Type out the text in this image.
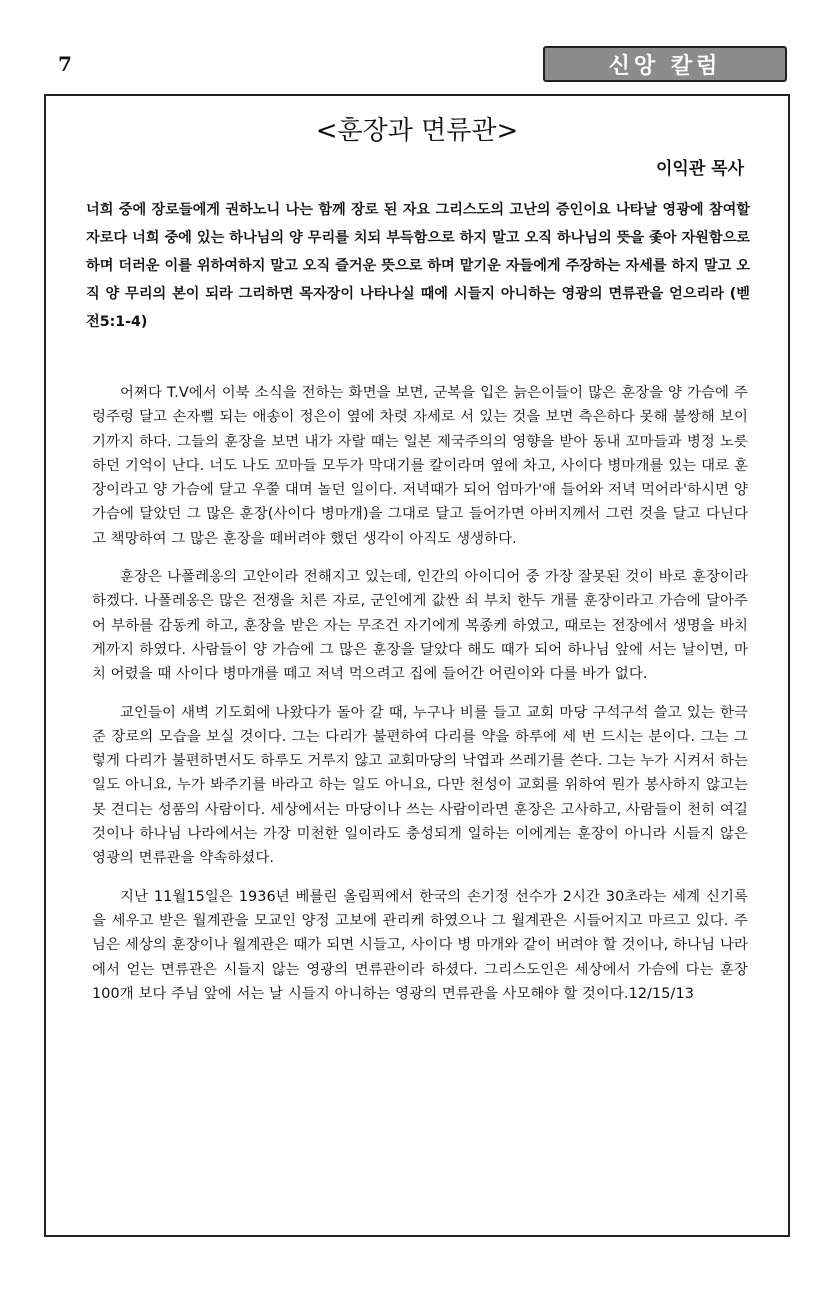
7	신앙 칼럼
<훈장과 면류관>
이익관 목사
너희 중에 장로들에게 권하노니 나는 함께 장로 된 자요 그리스도의 고난의 증인이요 나타날 영광에 참여할 자로다 너희 중에 있는 하나님의 양 무리를 치되 부득함으로 하지 말고 오직 하나님의 뜻을 좇아 자원함으로 하며 더러운 이를 위하여하지 말고 오직 즐거운 뜻으로 하며 맡기운 자들에게 주장하는 자세를 하지 말고 오직 양 무리의 본이 되라 그리하면 목자장이 나타나실 때에 시들지 아니하는 영광의 면류관을 얻으리라 (벧전5:1-4)

어쩌다 T.V에서 이북 소식을 전하는 화면을 보면, 군복을 입은 늙은이들이 많은 훈장을 양 가슴에 주렁주렁 달고 손자뻘 되는 애송이 정은이 옆에 차렷 자세로 서 있는 것을 보면 측은하다 못해 불쌍해 보이기까지 하다. 그들의 훈장을 보면 내가 자랄 때는 일본 제국주의의 영향을 받아 동내 꼬마들과 병정 노릇하던 기억이 난다. 너도 나도 꼬마들 모두가 막대기를 칼이라며 옆에 차고, 사이다 병마개를 있는 대로 훈장이라고 양 가슴에 달고 우쭐 대며 놀던 일이다. 저녁때가 되어 엄마가'애 들어와 저녁 먹어라'하시면 양 가슴에 달았던 그 많은 훈장(사이다 병마개)을 그대로 달고 들어가면 아버지께서 그런 것을 달고 다닌다고 책망하여 그 많은 훈장을 떼버려야 했던 생각이 아직도 생생하다.

훈장은 나폴레옹의 고안이라 전해지고 있는데, 인간의 아이디어 중 가장 잘못된 것이 바로 훈장이라 하겠다. 나폴레옹은 많은 전쟁을 치른 자로, 군인에게 값싼 쇠 부치 한두 개를 훈장이라고 가슴에 달아주어 부하를 감동케 하고, 훈장을 받은 자는 무조건 자기에게 복종케 하였고, 때로는 전장에서 생명을 바치게까지 하였다. 사람들이 양 가슴에 그 많은 훈장을 달았다 해도 때가 되어 하나님 앞에 서는 날이면, 마치 어렸을 때 사이다 병마개를 떼고 저녁 먹으려고 집에 들어간 어린이와 다를 바가 없다.

교인들이 새벽 기도회에 나왔다가 돌아 갈 때, 누구나 비를 들고 교회 마당 구석구석 쓸고 있는 한극준 장로의 모습을 보실 것이다. 그는 다리가 불편하여 다리를 약을 하루에 세 번 드시는 분이다. 그는 그렇게 다리가 불편하면서도 하루도 거루지 않고 교회마당의 낙엽과 쓰레기를 쓴다. 그는 누가 시켜서 하는 일도 아니요, 누가 봐주기를 바라고 하는 일도 아니요, 다만 천성이 교회를 위하여 뭔가 봉사하지 않고는 못 견디는 성품의 사람이다. 세상에서는 마당이나 쓰는 사람이라면 훈장은 고사하고, 사람들이 천히 여길 것이나 하나님 나라에서는 가장 미천한 일이라도 충성되게 일하는 이에게는 훈장이 아니라 시들지 않은 영광의 면류관을 약속하셨다.

지난 11월15일은 1936년 베를린 올림픽에서 한국의 손기정 선수가 2시간 30초라는 세계 신기록을 세우고 받은 월계관을 모교인 양정 고보에 관리케 하였으나 그 월계관은 시들어지고 마르고 있다. 주님은 세상의 훈장이나 월계관은 때가 되면 시들고, 사이다 병 마개와 같이 버려야 할 것이나, 하나님 나라에서 얻는 면류관은 시들지 않는 영광의 면류관이라 하셨다. 그리스도인은 세상에서 가슴에 다는 훈장 100개 보다 주님 앞에 서는 날 시들지 아니하는 영광의 면류관을 사모해야 할 것이다.12/15/13
